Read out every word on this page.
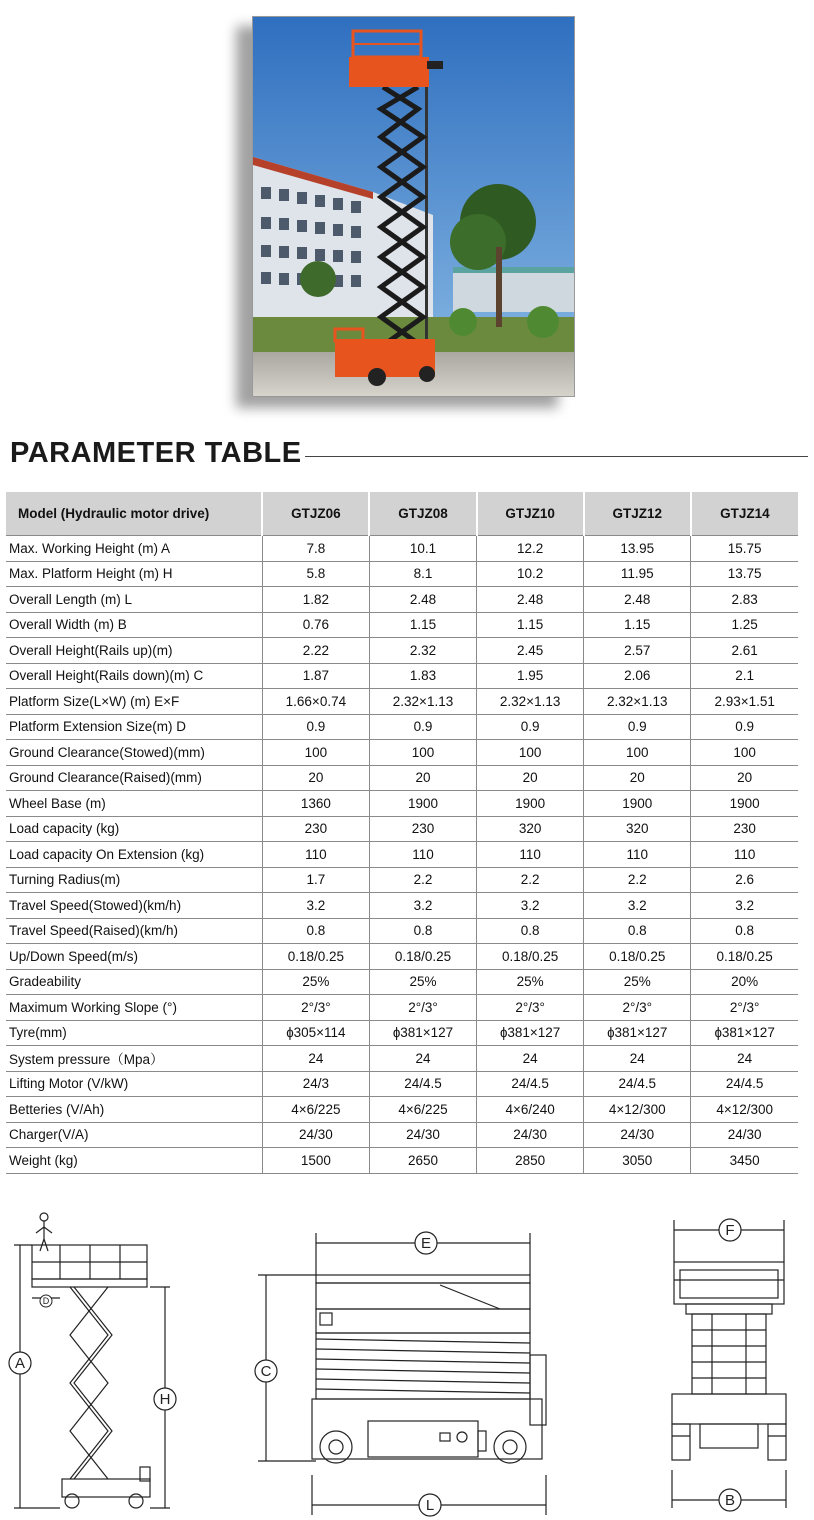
PARAMETER TABLE
Model (Hydraulic motor drive)	GTJZ06	GTJZ08	GTJZ10	GTJZ12	GTJZ14
Max. Working Height (m) A	7.8	10.1	12.2	13.95	15.75
Max. Platform Height (m) H	5.8	8.1	10.2	11.95	13.75
Overall Length (m) L	1.82	2.48	2.48	2.48	2.83
Overall Width (m) B	0.76	1.15	1.15	1.15	1.25
Overall Height(Rails up)(m)	2.22	2.32	2.45	2.57	2.61
Overall Height(Rails down)(m) C	1.87	1.83	1.95	2.06	2.1
Platform Size(L×W) (m) E×F	1.66×0.74	2.32×1.13	2.32×1.13	2.32×1.13	2.93×1.51
Platform Extension Size(m) D	0.9	0.9	0.9	0.9	0.9
Ground Clearance(Stowed)(mm)	100	100	100	100	100
Ground Clearance(Raised)(mm)	20	20	20	20	20
Wheel Base (m)	1360	1900	1900	1900	1900
Load capacity (kg)	230	230	320	320	230
Load capacity On Extension (kg)	110	110	110	110	110
Turning Radius(m)	1.7	2.2	2.2	2.2	2.6
Travel Speed(Stowed)(km/h)	3.2	3.2	3.2	3.2	3.2
Travel Speed(Raised)(km/h)	0.8	0.8	0.8	0.8	0.8
Up/Down Speed(m/s)	0.18/0.25	0.18/0.25	0.18/0.25	0.18/0.25	0.18/0.25
Gradeability	25%	25%	25%	25%	20%
Maximum Working Slope (°)	2°/3°	2°/3°	2°/3°	2°/3°	2°/3°
Tyre(mm)	ɸ305×114	ɸ381×127	ɸ381×127	ɸ381×127	ɸ381×127
System pressure（Mpa）	24	24	24	24	24
Lifting Motor (V/kW)	24/3	24/4.5	24/4.5	24/4.5	24/4.5
Betteries (V/Ah)	4×6/225	4×6/225	4×6/240	4×12/300	4×12/300
Charger(V/A)	24/30	24/30	24/30	24/30	24/30
Weight (kg)	1500	2650	2850	3050	3450
A
H
D
E
C
L
F
B
